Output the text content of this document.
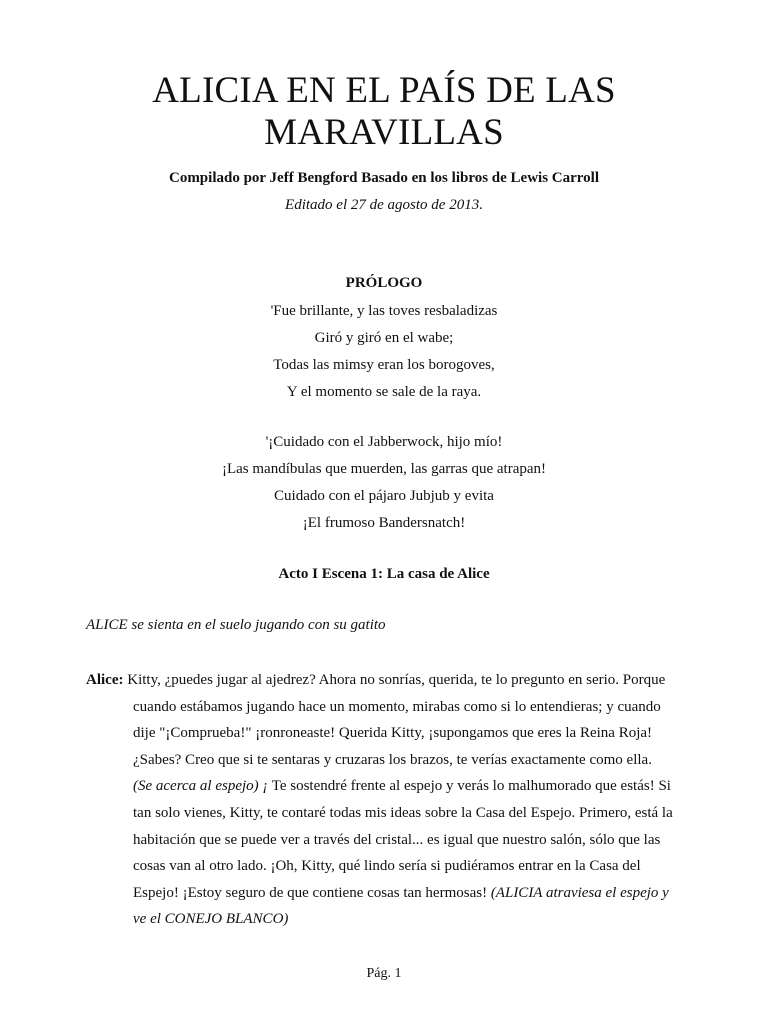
ALICIA EN EL PAÍS DE LAS
MARAVILLAS
Compilado por Jeff Bengford Basado en los libros de Lewis Carroll
Editado el 27 de agosto de 2013.
PRÓLOGO
'Fue brillante, y las toves resbaladizas
Giró y giró en el wabe;
Todas las mimsy eran los borogoves,
Y el momento se sale de la raya.
'¡Cuidado con el Jabberwock, hijo mío!
¡Las mandíbulas que muerden, las garras que atrapan!
Cuidado con el pájaro Jubjub y evita
¡El frumoso Bandersnatch!
Acto I Escena 1: La casa de Alice
ALICE se sienta en el suelo jugando con su gatito
Alice: Kitty, ¿puedes jugar al ajedrez? Ahora no sonrías, querida, te lo pregunto en serio. Porque
cuando estábamos jugando hace un momento, mirabas como si lo entendieras; y cuando
dije "¡Comprueba!" ¡ronroneaste! Querida Kitty, ¡supongamos que eres la Reina Roja!
¿Sabes? Creo que si te sentaras y cruzaras los brazos, te verías exactamente como ella.
(Se acerca al espejo) ¡ Te sostendré frente al espejo y verás lo malhumorado que estás! Si
tan solo vienes, Kitty, te contaré todas mis ideas sobre la Casa del Espejo. Primero, está la
habitación que se puede ver a través del cristal... es igual que nuestro salón, sólo que las
cosas van al otro lado. ¡Oh, Kitty, qué lindo sería si pudiéramos entrar en la Casa del
Espejo! ¡Estoy seguro de que contiene cosas tan hermosas! (ALICIA atraviesa el espejo y
ve el CONEJO BLANCO)
Pág. 1
